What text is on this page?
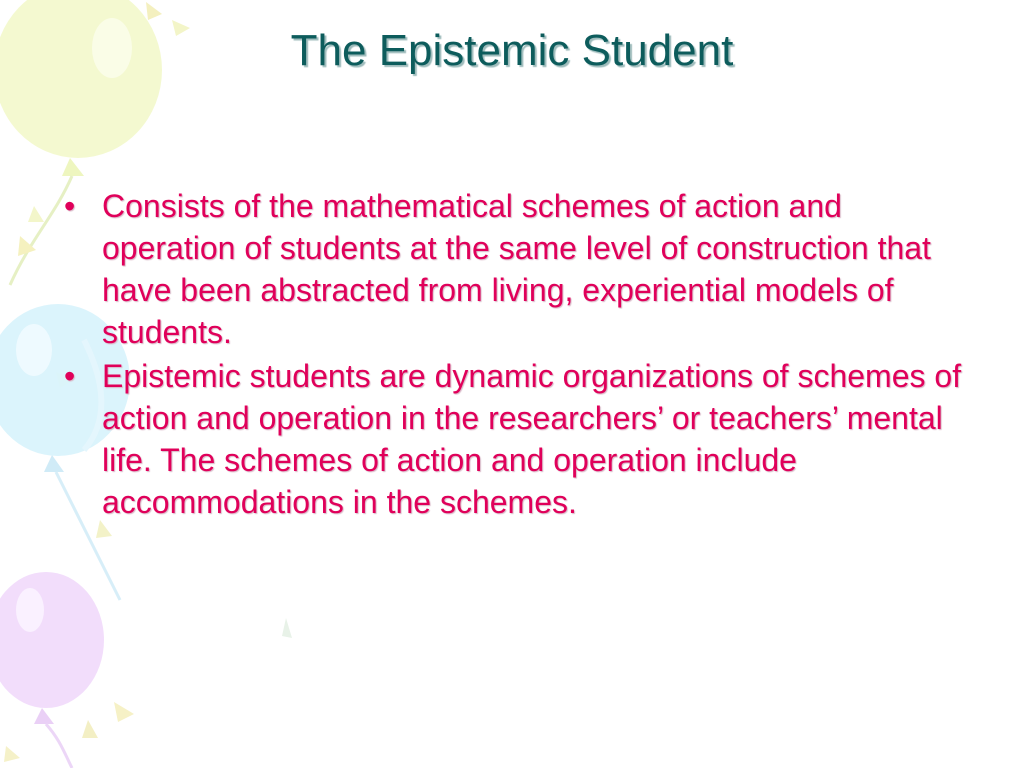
The Epistemic Student
• Consists of the mathematical schemes of action and operation of students at the same level of construction that have been abstracted from living, experiential models of students.
• Epistemic students are dynamic organizations of schemes of action and operation in the researchers’ or teachers’ mental life. The schemes of action and operation include accommodations in the schemes.
